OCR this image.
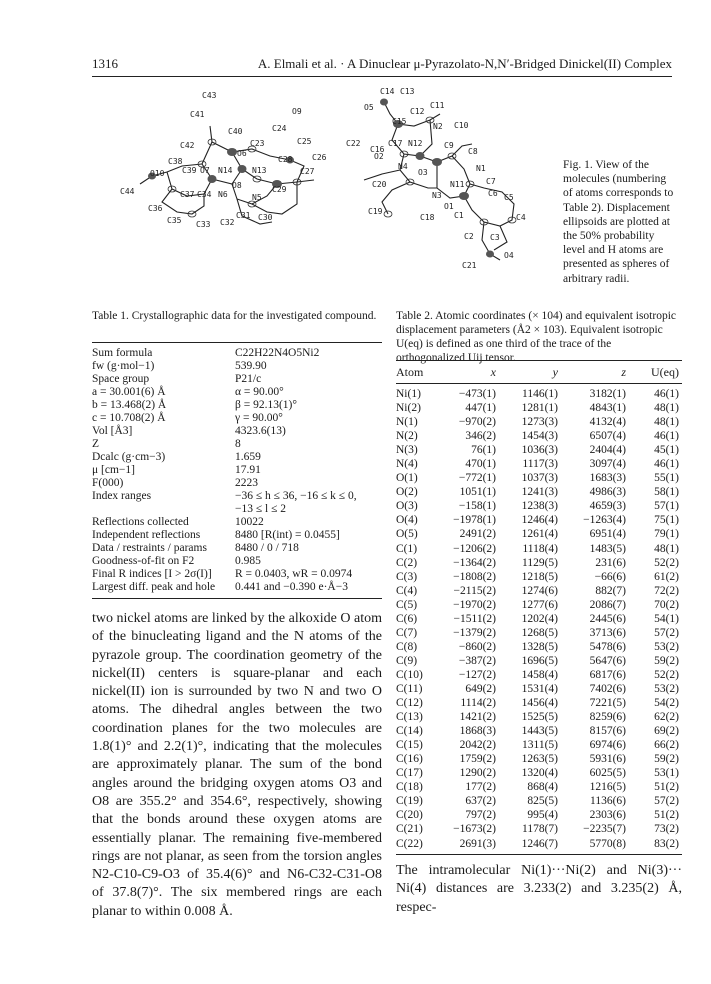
1316	A. Elmali et al. · A Dinuclear μ-Pyrazolato-N,N′-Bridged Dinickel(II) Complex
C43
C41	O9
C40	C24
C25
C42
O6
C23
C28 C26
C38
N13	C27
O10 C39 O7 N14
O8	C29
C44	C37 C34 N6	N5
C36
C31 C30
C35 C33 C32
C14 C13
O5	C12
C11
C15
N2 C10
C22
C16
C17 N12	C9
C8
O2
N4	N1
C20
O3
N11	C7
N3	C5
O1
C6
C19
C18 C1	C4
C2 C3
O4
C21
Fig. 1. View of the molecules (numbering of atoms corresponds to Table 2). Displacement ellipsoids are plotted at the 50% probability level and H atoms are presented as spheres of arbitrary radii.
Table 1. Crystallographic data for the investigated compound.
Sum formula	C22H22N4O5Ni2
fw (g·mol−1)	539.90
Space group	P21/c
a = 30.001(6) Å	α = 90.00°
b = 13.468(2) Å	β = 92.13(1)°
c = 10.708(2) Å	γ = 90.00°
Vol [Å3]	4323.6(13)
Z	8
Dcalc (g·cm−3)	1.659
μ [cm−1]	17.91
F(000)	2223
Index ranges	−36 ≤ h ≤ 36, −16 ≤ k ≤ 0,
−13 ≤ l ≤ 2
Reflections collected	10022
Independent reflections	8480 [R(int) = 0.0455]
Data / restraints / params	8480 / 0 / 718
Goodness-of-fit on F2	0.985
Final R indices [I > 2σ(I)]	R = 0.0403, wR = 0.0974
Largest diff. peak and hole	0.441 and −0.390 e·Å−3
Table 2. Atomic coordinates (× 104) and equivalent isotropic displacement parameters (Å2 × 103). Equivalent isotropic U(eq) is defined as one third of the trace of the orthogonalized Uij tensor.
Atom	x	y	z	U(eq)
Ni(1)	−473(1)	1146(1)	3182(1)	46(1)
Ni(2)	447(1)	1281(1)	4843(1)	48(1)
N(1)	−970(2)	1273(3)	4132(4)	48(1)
N(2)	346(2)	1454(3)	6507(4)	46(1)
N(3)	76(1)	1036(3)	2404(4)	45(1)
N(4)	470(1)	1117(3)	3097(4)	46(1)
O(1)	−772(1)	1037(3)	1683(3)	55(1)
O(2)	1051(1)	1241(3)	4986(3)	58(1)
O(3)	−158(1)	1238(3)	4659(3)	57(1)
O(4)	−1978(1)	1246(4)	−1263(4)	75(1)
O(5)	2491(2)	1261(4)	6951(4)	79(1)
C(1)	−1206(2)	1118(4)	1483(5)	48(1)
C(2)	−1364(2)	1129(5)	231(6)	52(2)
C(3)	−1808(2)	1218(5)	−66(6)	61(2)
C(4)	−2115(2)	1274(6)	882(7)	72(2)
C(5)	−1970(2)	1277(6)	2086(7)	70(2)
C(6)	−1511(2)	1202(4)	2445(6)	54(1)
C(7)	−1379(2)	1268(5)	3713(6)	57(2)
C(8)	−860(2)	1328(5)	5478(6)	53(2)
C(9)	−387(2)	1696(5)	5647(6)	59(2)
C(10)	−127(2)	1458(4)	6817(6)	52(2)
C(11)	649(2)	1531(4)	7402(6)	53(2)
C(12)	1114(2)	1456(4)	7221(5)	54(2)
C(13)	1421(2)	1525(5)	8259(6)	62(2)
C(14)	1868(3)	1443(5)	8157(6)	69(2)
C(15)	2042(2)	1311(5)	6974(6)	66(2)
C(16)	1759(2)	1263(5)	5931(6)	59(2)
C(17)	1290(2)	1320(4)	6025(5)	53(1)
C(18)	177(2)	868(4)	1216(5)	51(2)
C(19)	637(2)	825(5)	1136(6)	57(2)
C(20)	797(2)	995(4)	2303(6)	51(2)
C(21)	−1673(2)	1178(7)	−2235(7)	73(2)
C(22)	2691(3)	1246(7)	5770(8)	83(2)
two nickel atoms are linked by the alkoxide O atom of the binucleating ligand and the N atoms of the pyrazole group. The coordination geometry of the nickel(II) centers is square-planar and each nickel(II) ion is surrounded by two N and two O atoms. The dihedral angles between the two coordination planes for the two molecules are 1.8(1)° and 2.2(1)°, indicating that the molecules are approximately planar. The sum of the bond angles around the bridging oxygen atoms O3 and O8 are 355.2° and 354.6°, respectively, showing that the bonds around these oxygen atoms are essentially planar. The remaining five-membered rings are not planar, as seen from the torsion angles N2-C10-C9-O3 of 35.4(6)° and N6-C32-C31-O8 of 37.8(7)°. The six membered rings are each planar to within 0.008 Å.
The intramolecular Ni(1)···Ni(2) and Ni(3)··· Ni(4) distances are 3.233(2) and 3.235(2) Å, respec-
